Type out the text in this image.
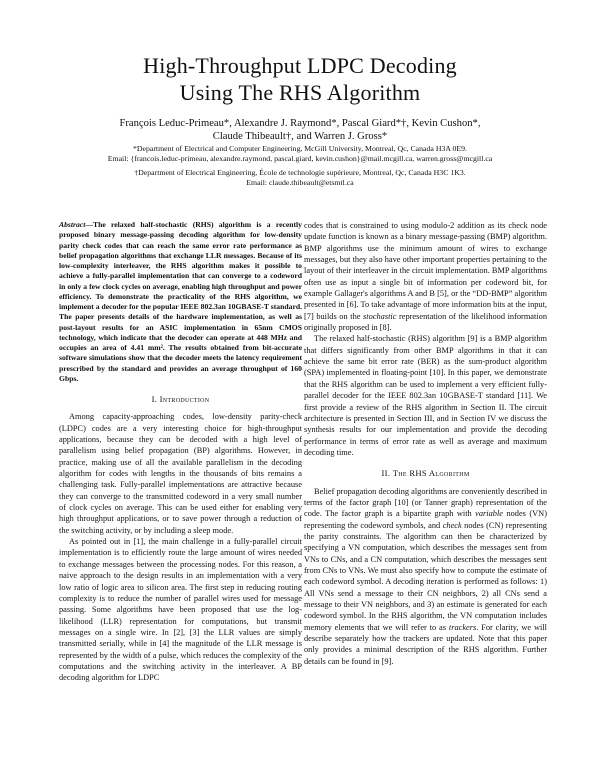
High-Throughput LDPC Decoding
Using The RHS Algorithm
François Leduc-Primeau*, Alexandre J. Raymond*, Pascal Giard*†, Kevin Cushon*,
Claude Thibeault†, and Warren J. Gross*
*Department of Electrical and Computer Engineering, McGill University, Montreal, Qc, Canada H3A 0E9.
Email: {francois.leduc-primeau, alexandre.raymond, pascal.giard, kevin.cushon}@mail.mcgill.ca, warren.gross@mcgill.ca
†Department of Electrical Engineering, École de technologie supérieure, Montreal, Qc, Canada H3C 1K3.
Email: claude.thibeault@etsmtl.ca
Abstract—The relaxed half-stochastic (RHS) algorithm is a recently proposed binary message-passing decoding algorithm for low-density parity check codes that can reach the same error rate performance as belief propagation algorithms that exchange LLR messages. Because of its low-complexity interleaver, the RHS algorithm makes it possible to achieve a fully-parallel implementation that can converge to a codeword in only a few clock cycles on average, enabling high throughput and power efficiency. To demonstrate the practicality of the RHS algorithm, we implement a decoder for the popular IEEE 802.3an 10GBASE-T standard. The paper presents details of the hardware implementation, as well as post-layout results for an ASIC implementation in 65nm CMOS technology, which indicate that the decoder can operate at 448 MHz and occupies an area of 4.41 mm². The results obtained from bit-accurate software simulations show that the decoder meets the latency requirement prescribed by the standard and provides an average throughput of 160 Gbps.
I. Introduction

Among capacity-approaching codes, low-density parity-check (LDPC) codes are a very interesting choice for high-throughput applications, because they can be decoded with a high level of parallelism using belief propagation (BP) algorithms. However, in practice, making use of all the available parallelism in the decoding algorithm for codes with lengths in the thousands of bits remains a challenging task. Fully-parallel implementations are attractive because they can converge to the transmitted codeword in a very small number of clock cycles on average. This can be used either for enabling very high throughput applications, or to save power through a reduction of the switching activity, or by including a sleep mode.

As pointed out in [1], the main challenge in a fully-parallel circuit implementation is to efficiently route the large amount of wires needed to exchange messages between the processing nodes. For this reason, a naive approach to the design results in an implementation with a very low ratio of logic area to silicon area. The first step in reducing routing complexity is to reduce the number of parallel wires used for message passing. Some algorithms have been proposed that use the log-likelihood (LLR) representation for computations, but transmit messages on a single wire. In [2], [3] the LLR values are simply transmitted serially, while in [4] the magnitude of the LLR message is represented by the width of a pulse, which reduces the complexity of the computations and the switching activity in the interleaver. A BP decoding algorithm for LDPC

codes that is constrained to using modulo-2 addition as its check node update function is known as a binary message-passing (BMP) algorithm. BMP algorithms use the minimum amount of wires to exchange messages, but they also have other important properties pertaining to the layout of their interleaver in the circuit implementation. BMP algorithms often use as input a single bit of information per codeword bit, for example Gallager's algorithms A and B [5], or the “DD-BMP” algorithm presented in [6]. To take advantage of more information bits at the input, [7] builds on the stochastic representation of the likelihood information originally proposed in [8].

The relaxed half-stochastic (RHS) algorithm [9] is a BMP algorithm that differs significantly from other BMP algorithms in that it can achieve the same bit error rate (BER) as the sum-product algorithm (SPA) implemented in floating-point [10]. In this paper, we demonstrate that the RHS algorithm can be used to implement a very efficient fully-parallel decoder for the IEEE 802.3an 10GBASE-T standard [11]. We first provide a review of the RHS algorithm in Section II. The circuit architecture is presented in Section III, and in Section IV we discuss the synthesis results for our implementation and provide the decoding performance in terms of error rate as well as average and maximum decoding time.

II. The RHS Algorithm

Belief propagation decoding algorithms are conveniently described in terms of the factor graph [10] (or Tanner graph) representation of the code. The factor graph is a bipartite graph with variable nodes (VN) representing the codeword symbols, and check nodes (CN) representing the parity constraints. The algorithm can then be characterized by specifying a VN computation, which describes the messages sent from VNs to CNs, and a CN computation, which describes the messages sent from CNs to VNs. We must also specify how to compute the estimate of each codeword symbol. A decoding iteration is performed as follows: 1) All VNs send a message to their CN neighbors, 2) all CNs send a message to their VN neighbors, and 3) an estimate is generated for each codeword symbol. In the RHS algorithm, the VN computation includes memory elements that we will refer to as trackers. For clarity, we will describe separately how the trackers are updated. Note that this paper only provides a minimal description of the RHS algorithm. Further details can be found in [9].
